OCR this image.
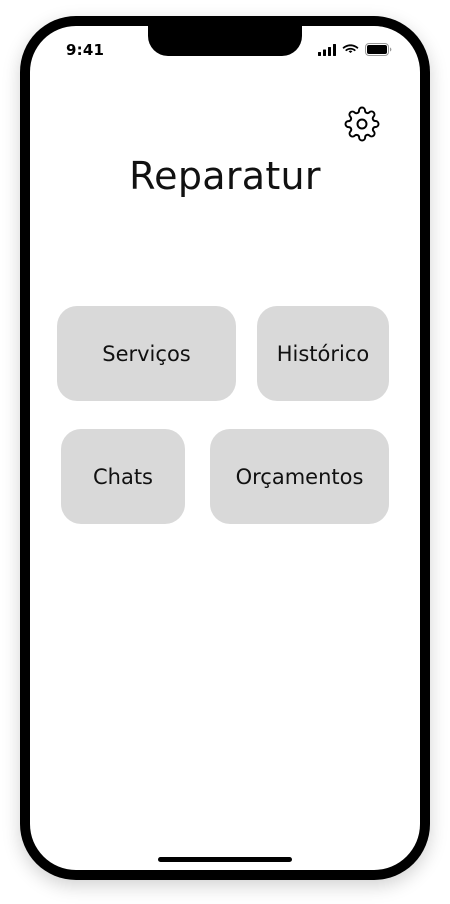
9:41
Reparatur
Serviços	Histórico
Chats	Orçamentos
